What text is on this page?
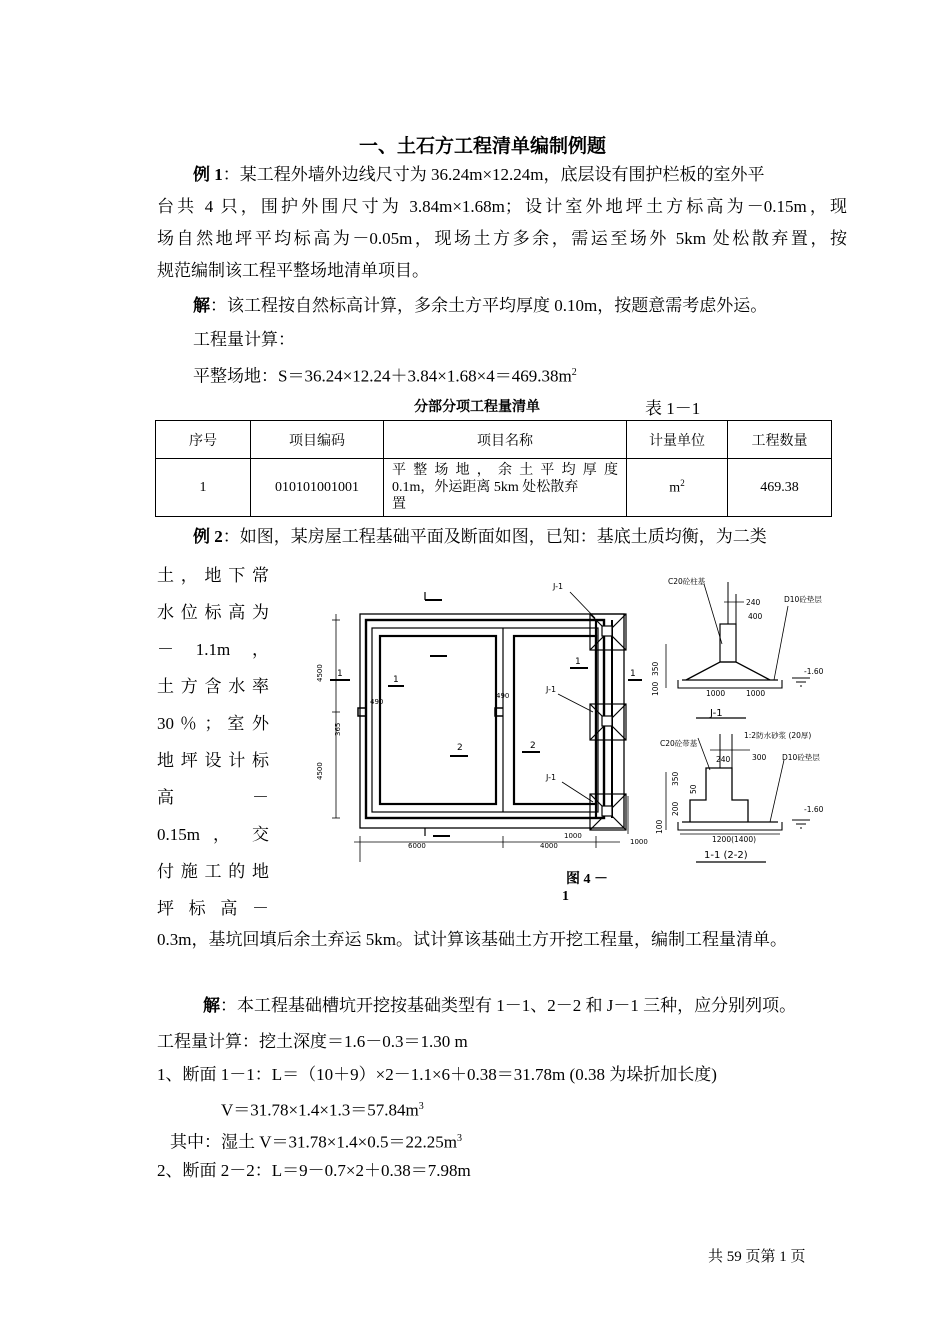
一、土石方工程清单编制例题
例 1：某工程外墙外边线尺寸为 36.24m×12.24m，底层设有围护栏板的室外平
台共 4 只，围护外围尺寸为 3.84m×1.68m；设计室外地坪土方标高为－0.15m，现
场自然地坪平均标高为－0.05m，现场土方多余，需运至场外 5km 处松散弃置，按
规范编制该工程平整场地清单项目。
解：该工程按自然标高计算，多余土方平均厚度 0.10m，按题意需考虑外运。
工程量计算：
平整场地：$S=36.24\times 12.24+3.84\times 1.68\times 4=469.38m^2$
分部分项工程量清单	表 1－1
序号	项目编码	项目名称	计量单位	工程数量
1	010101001001	平 整 场 地 ， 余 土 平 均 厚 度
0.1m，外运距离 5km 处松散弃
置	$m^2$	469.38
例 2：如图，某房屋工程基础平面及断面如图，已知：基底土质均衡，为二类
土 ， 地 下 常
水 位 标 高 为
－ 1.1m ，
土 方 含 水 率
30 ％ ； 室 外
地 坪 设 计 标
高 －
0.15m ， 交
付 施 工 的 地
坪 标 高 －
1	1
1
1
2	2
J-1
J-1
J-1
4500
4500
365
490
490
6000	4000
1000
1000
C20砼柱基
D10砼垫层
240
400
350
100	1000	1000
-1.60
J-1
C20砼带基
1:2防水砂浆 (20厚)
D10砼垫层
240	300
350
50
200
100
1200(1400)
-1.60
1-1 (2-2)
图 4 －
1
0.3m，基坑回填后余土弃运 5km。试计算该基础土方开挖工程量，编制工程量清单。
解：本工程基础槽坑开挖按基础类型有 1－1、2－2 和 J－1 三种，应分别列项。
工程量计算：挖土深度＝1.6－0.3＝1.30 m
1、断面 1－1：L＝（10＋9）×2－1.1×6＋0.38＝31.78m (0.38 为垛折加长度)
$V=31.78\times 1.4\times 1.3=57.84m^3$
其中：湿土 $V=31.78\times 1.4\times 0.5=22.25m^3$
2、断面 2－2：L＝9－0.7×2＋0.38＝7.98m
共 59 页第 1 页
